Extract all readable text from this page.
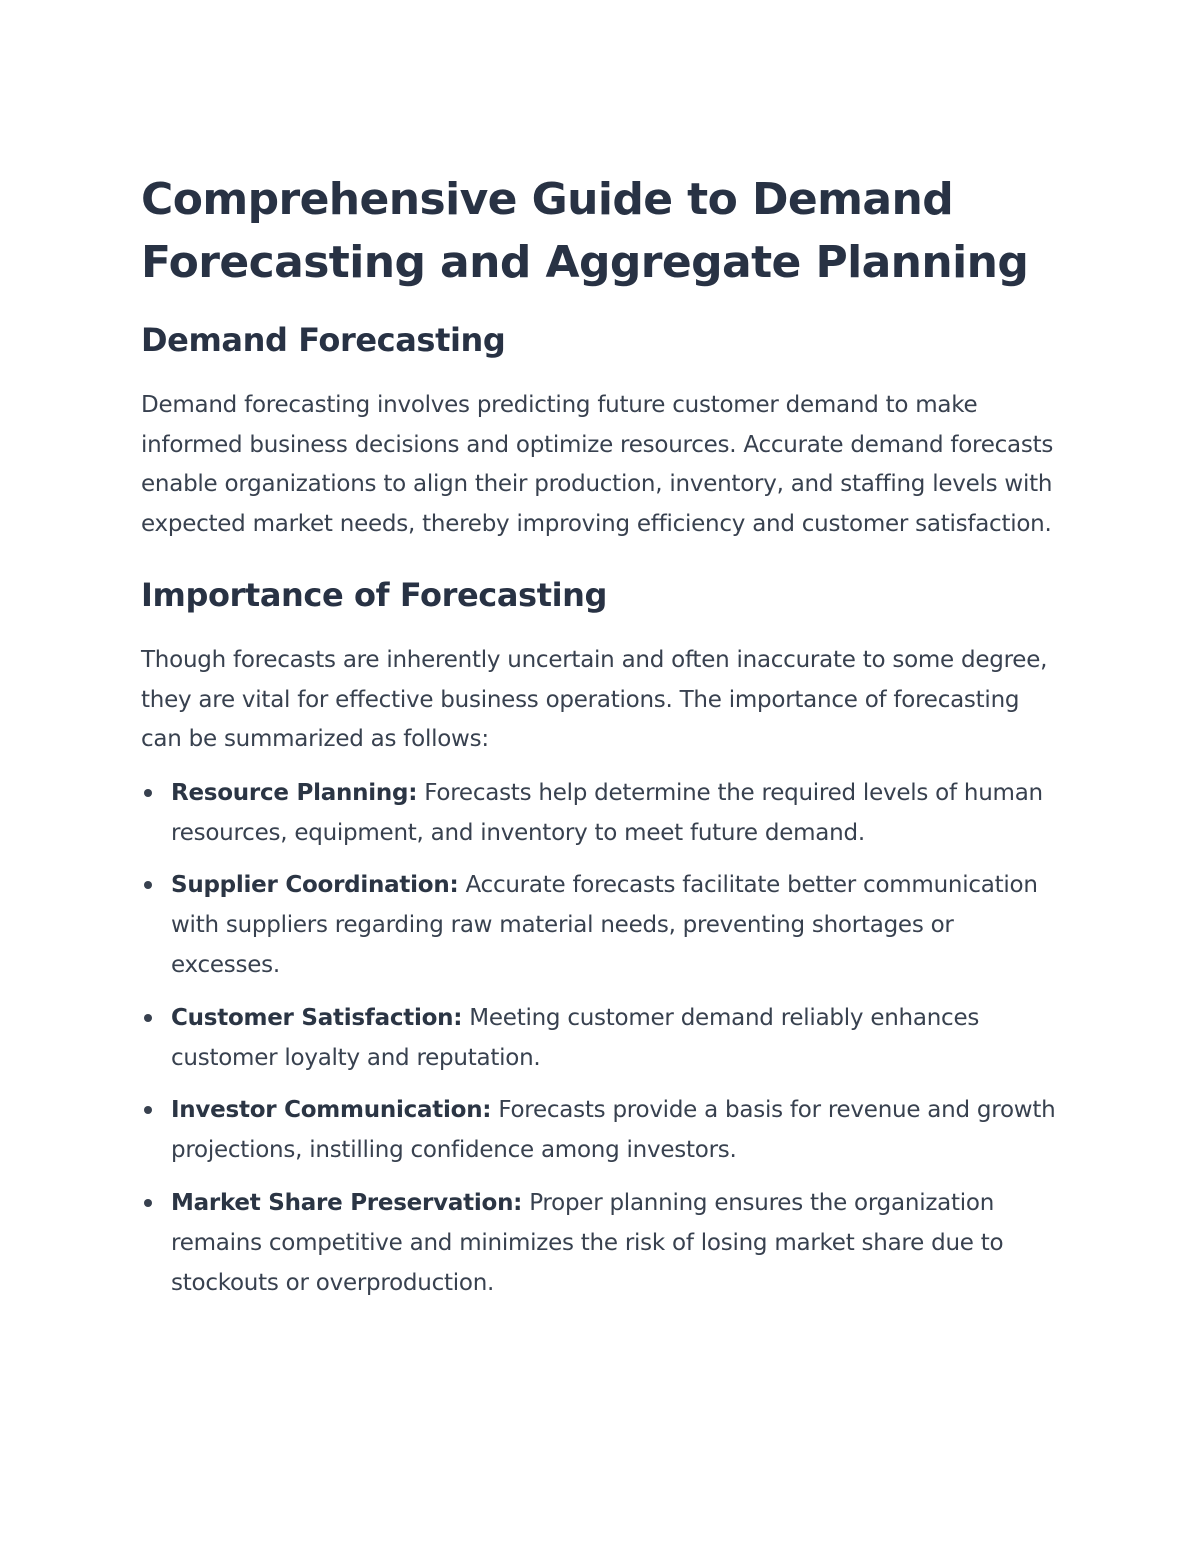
Comprehensive Guide to Demand Forecasting and Aggregate Planning
Demand Forecasting

Demand forecasting involves predicting future customer demand to make informed business decisions and optimize resources. Accurate demand forecasts enable organizations to align their production, inventory, and staffing levels with expected market needs, thereby improving efficiency and customer satisfaction.

Importance of Forecasting

Though forecasts are inherently uncertain and often inaccurate to some degree, they are vital for effective business operations. The importance of forecasting can be summarized as follows:

Resource Planning: Forecasts help determine the required levels of human resources, equipment, and inventory to meet future demand.
Supplier Coordination: Accurate forecasts facilitate better communication with suppliers regarding raw material needs, preventing shortages or excesses.
Customer Satisfaction: Meeting customer demand reliably enhances customer loyalty and reputation.
Investor Communication: Forecasts provide a basis for revenue and growth projections, instilling confidence among investors.
Market Share Preservation: Proper planning ensures the organization remains competitive and minimizes the risk of losing market share due to stockouts or overproduction.
